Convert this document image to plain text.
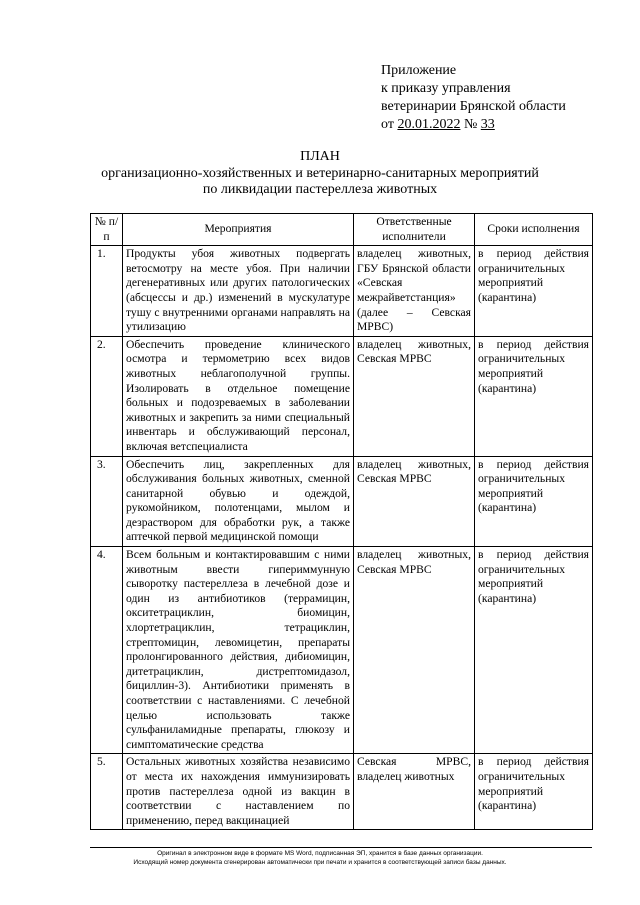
Приложение
к приказу управления
ветеринарии Брянской области
от 20.01.2022 № 33
ПЛАН
организационно-хозяйственных и ветеринарно-санитарных мероприятий
по ликвидации пастереллеза животных
№ п/п	Мероприятия	Ответственные исполнители	Сроки исполнения
1.	Продукты убоя животных подвергать ветосмотру на месте убоя. При наличии дегенеративных или других патологических (абсцессы и др.) изменений в мускулатуре тушу с внутренними органами направлять на утилизацию	владелец животных, ГБУ Брянской области «Севская межрайветстанция» (далее – Севская МРВС)	в период действия ограничительных мероприятий (карантина)
2.	Обеспечить проведение клинического осмотра и термометрию всех видов животных неблагополучной группы. Изолировать в отдельное помещение больных и подозреваемых в заболевании животных и закрепить за ними специальный инвентарь и обслуживающий персонал, включая ветспециалиста	владелец животных, Севская МРВС	в период действия ограничительных мероприятий (карантина)
3.	Обеспечить лиц, закрепленных для обслуживания больных животных, сменной санитарной обувью и одеждой, рукомойником, полотенцами, мылом и дезраствором для обработки рук, а также аптечкой первой медицинской помощи	владелец животных, Севская МРВС	в период действия ограничительных мероприятий (карантина)
4.	Всем больным и контактировавшим с ними животным ввести гипериммунную сыворотку пастереллеза в лечебной дозе и один из антибиотиков (террамицин, окситетрациклин, биомицин, хлортетрациклин, тетрациклин, стрептомицин, левомицетин, препараты пролонгированного действия, дибиомицин, дитетрациклин, дистрептомидазол, бициллин-3). Антибиотики применять в соответствии с наставлениями. С лечебной целью использовать также сульфаниламидные препараты, глюкозу и симптоматические средства	владелец животных, Севская МРВС	в период действия ограничительных мероприятий (карантина)
5.	Остальных животных хозяйства независимо от места их нахождения иммунизировать против пастереллеза одной из вакцин в соответствии с наставлением по применению, перед вакцинацией	Севская МРВС, владелец животных	в период действия ограничительных мероприятий (карантина)
Оригинал в электронном виде в формате MS Word, подписанная ЭП, хранится в базе данных организации.
Исходящий номер документа сгенерирован автоматически при печати и хранится в соответствующей записи базы данных.
